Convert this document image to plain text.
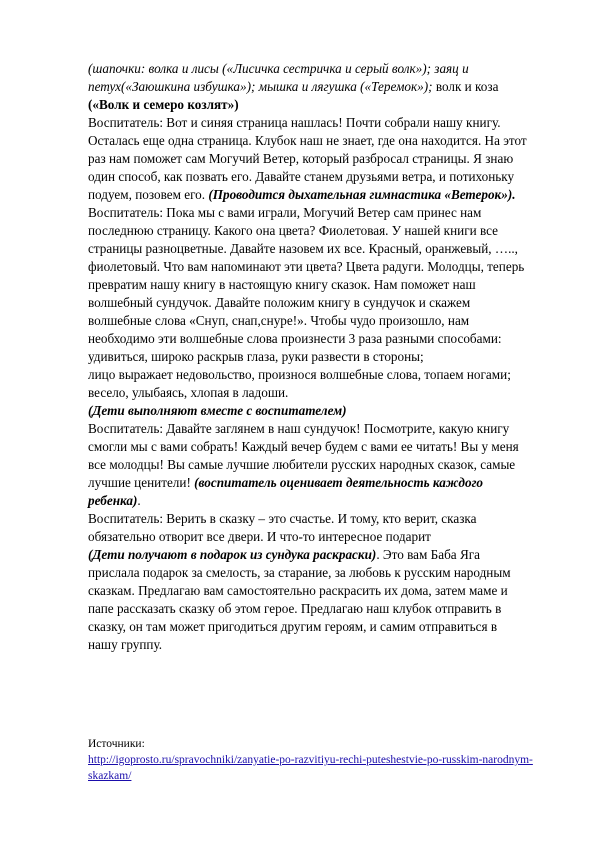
(шапочки: волка и лисы («Лисичка сестричка и серый волк»); заяц и
петух(«Заюшкина избушка»); мышка и лягушка («Теремок»); волк и коза
(«Волк и семеро козлят»)
Воспитатель: Вот и синяя страница нашлась! Почти собрали нашу книгу.
Осталась еще одна страница. Клубок наш не знает, где она находится. На этот
раз нам поможет сам Могучий Ветер, который разбросал страницы. Я знаю
один способ, как позвать его. Давайте станем друзьями ветра, и потихоньку
подуем, позовем его. (Проводится дыхательная гимнастика «Ветерок»).
Воспитатель: Пока мы с вами играли, Могучий Ветер сам принес нам
последнюю страницу. Какого она цвета? Фиолетовая. У нашей книги все
страницы разноцветные. Давайте назовем их все. Красный, оранжевый, …..,
фиолетовый. Что вам напоминают эти цвета? Цвета радуги. Молодцы, теперь
превратим нашу книгу в настоящую книгу сказок. Нам поможет наш
волшебный сундучок. Давайте положим книгу в сундучок и скажем
волшебные слова «Снуп, снап,снуре!». Чтобы чудо произошло, нам
необходимо эти волшебные слова произнести 3 раза разными способами:
удивиться, широко раскрыв глаза, руки развести в стороны;
лицо выражает недовольство, произнося волшебные слова, топаем ногами;
весело, улыбаясь, хлопая в ладоши.
(Дети выполняют вместе с воспитателем)
Воспитатель: Давайте заглянем в наш сундучок! Посмотрите, какую книгу
смогли мы с вами собрать! Каждый вечер будем с вами ее читать! Вы у меня
все молодцы! Вы самые лучшие любители русских народных сказок, самые
лучшие ценители! (воспитатель оценивает деятельность каждого
ребенка).
Воспитатель: Верить в сказку – это счастье. И тому, кто верит, сказка
обязательно отворит все двери. И что-то интересное подарит
(Дети получают в подарок из сундука раскраски). Это вам Баба Яга
прислала подарок за смелость, за старание, за любовь к русским народным
сказкам. Предлагаю вам самостоятельно раскрасить их дома, затем маме и
папе рассказать сказку об этом герое. Предлагаю наш клубок отправить в
сказку, он там может пригодиться другим героям, и самим отправиться в
нашу группу.
Источники:
http://igoprosto.ru/spravochniki/zanyatie-po-razvitiyu-rechi-puteshestvie-po-russkim-narodnym-
skazkam/
